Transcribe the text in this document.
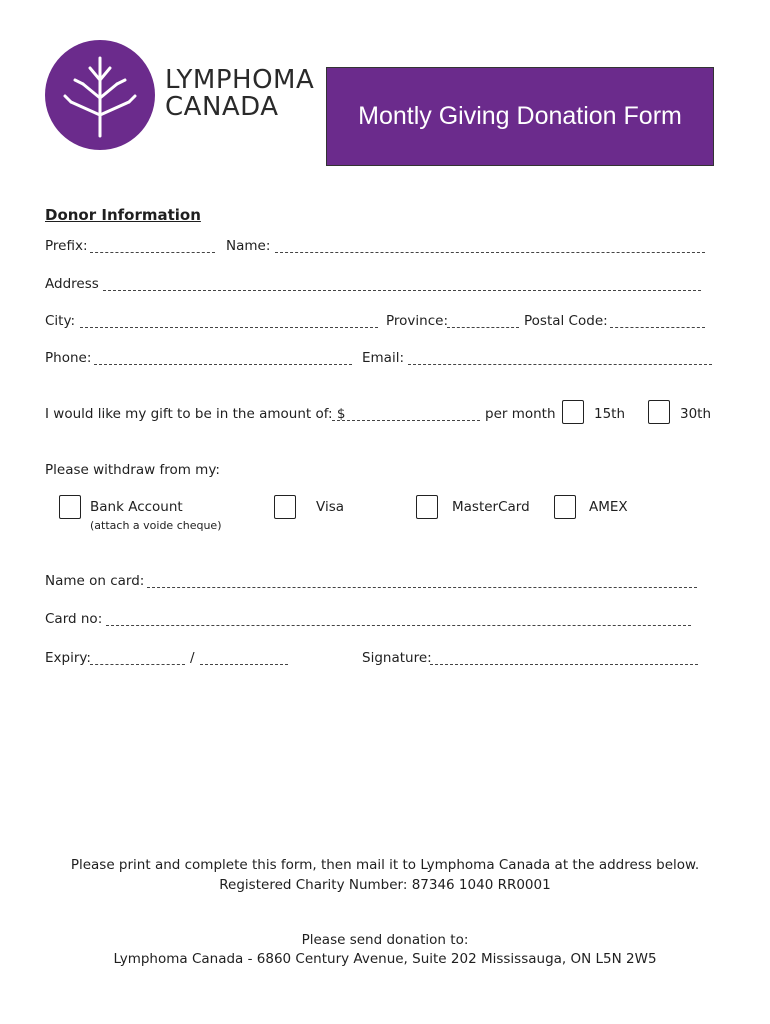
LYMPHOMA
CANADA	Montly Giving Donation Form
Donor Information
Prefix:	Name:
Address
City:	Province:	Postal Code:
Phone:	Email:
I would like my gift to be in the amount of: $	per month	15th	30th
Please withdraw from my:
Bank Account
(attach a voide cheque)
Visa	MasterCard	AMEX
Name on card:
Card no:
Expiry:	/	Signature:
Please print and complete this form, then mail it to Lymphoma Canada at the address below.
Registered Charity Number: 87346 1040 RR0001
Please send donation to:
Lymphoma Canada - 6860 Century Avenue, Suite 202 Mississauga, ON L5N 2W5
